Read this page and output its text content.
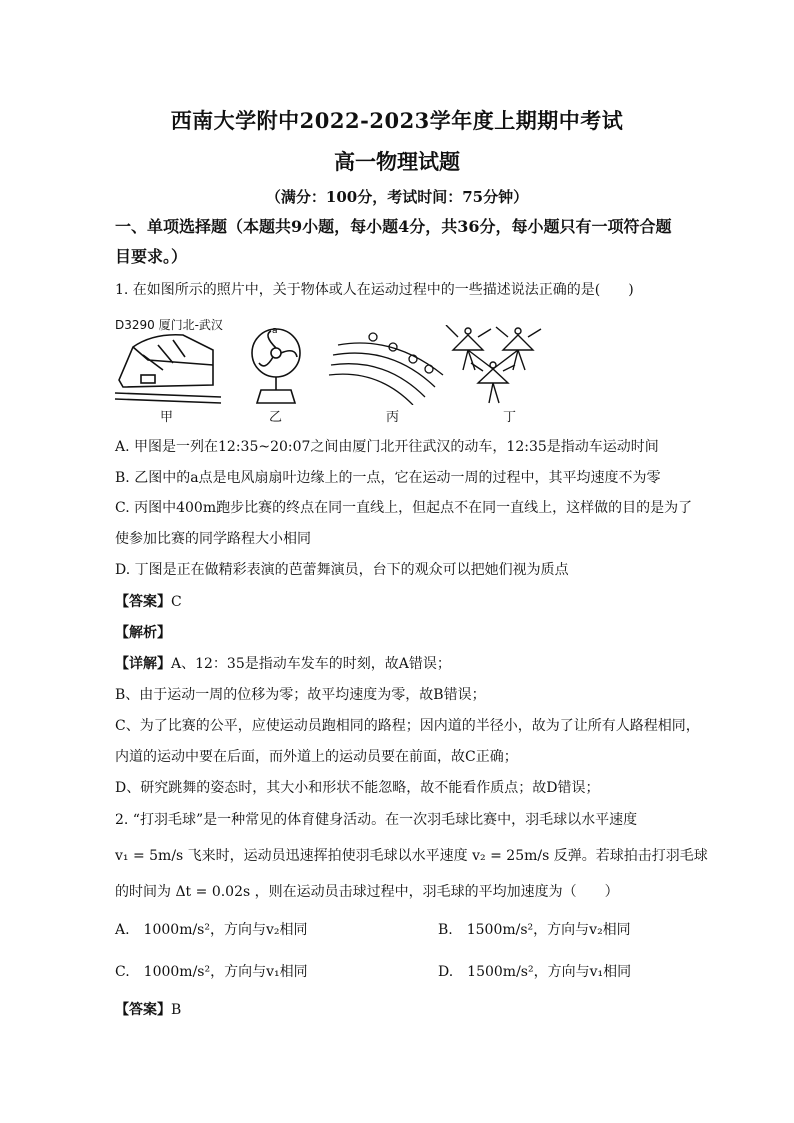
西南大学附中2022-2023学年度上期期中考试
高一物理试题
（满分：100分，考试时间：75分钟）
一、单项选择题（本题共9小题，每小题4分，共36分，每小题只有一项符合题
目要求。）
1. 在如图所示的照片中，关于物体或人在运动过程中的一些描述说法正确的是(　　)
D3290 厦门北-武汉	a
甲	乙	丙	丁
A. 甲图是一列在12:35~20:07之间由厦门北开往武汉的动车，12:35是指动车运动时间
B. 乙图中的a点是电风扇扇叶边缘上的一点，它在运动一周的过程中，其平均速度不为零
C. 丙图中400m跑步比赛的终点在同一直线上，但起点不在同一直线上，这样做的目的是为了
使参加比赛的同学路程大小相同
D. 丁图是正在做精彩表演的芭蕾舞演员，台下的观众可以把她们视为质点
【答案】C
【解析】
【详解】A、12：35是指动车发车的时刻，故A错误；
B、由于运动一周的位移为零；故平均速度为零，故B错误；
C、为了比赛的公平，应使运动员跑相同的路程；因内道的半径小，故为了让所有人路程相同，
内道的运动中要在后面，而外道上的运动员要在前面，故C正确；
D、研究跳舞的姿态时，其大小和形状不能忽略，故不能看作质点；故D错误；
2. “打羽毛球”是一种常见的体育健身活动。在一次羽毛球比赛中，羽毛球以水平速度
v₁ = 5m/s 飞来时，运动员迅速挥拍使羽毛球以水平速度 v₂ = 25m/s 反弹。若球拍击打羽毛球
的时间为 Δt = 0.02s ，则在运动员击球过程中，羽毛球的平均加速度为（　　）
A.　1000m/s²，方向与v₂相同	B.　1500m/s²，方向与v₂相同
C.　1000m/s²，方向与v₁相同	D.　1500m/s²，方向与v₁相同
【答案】B
